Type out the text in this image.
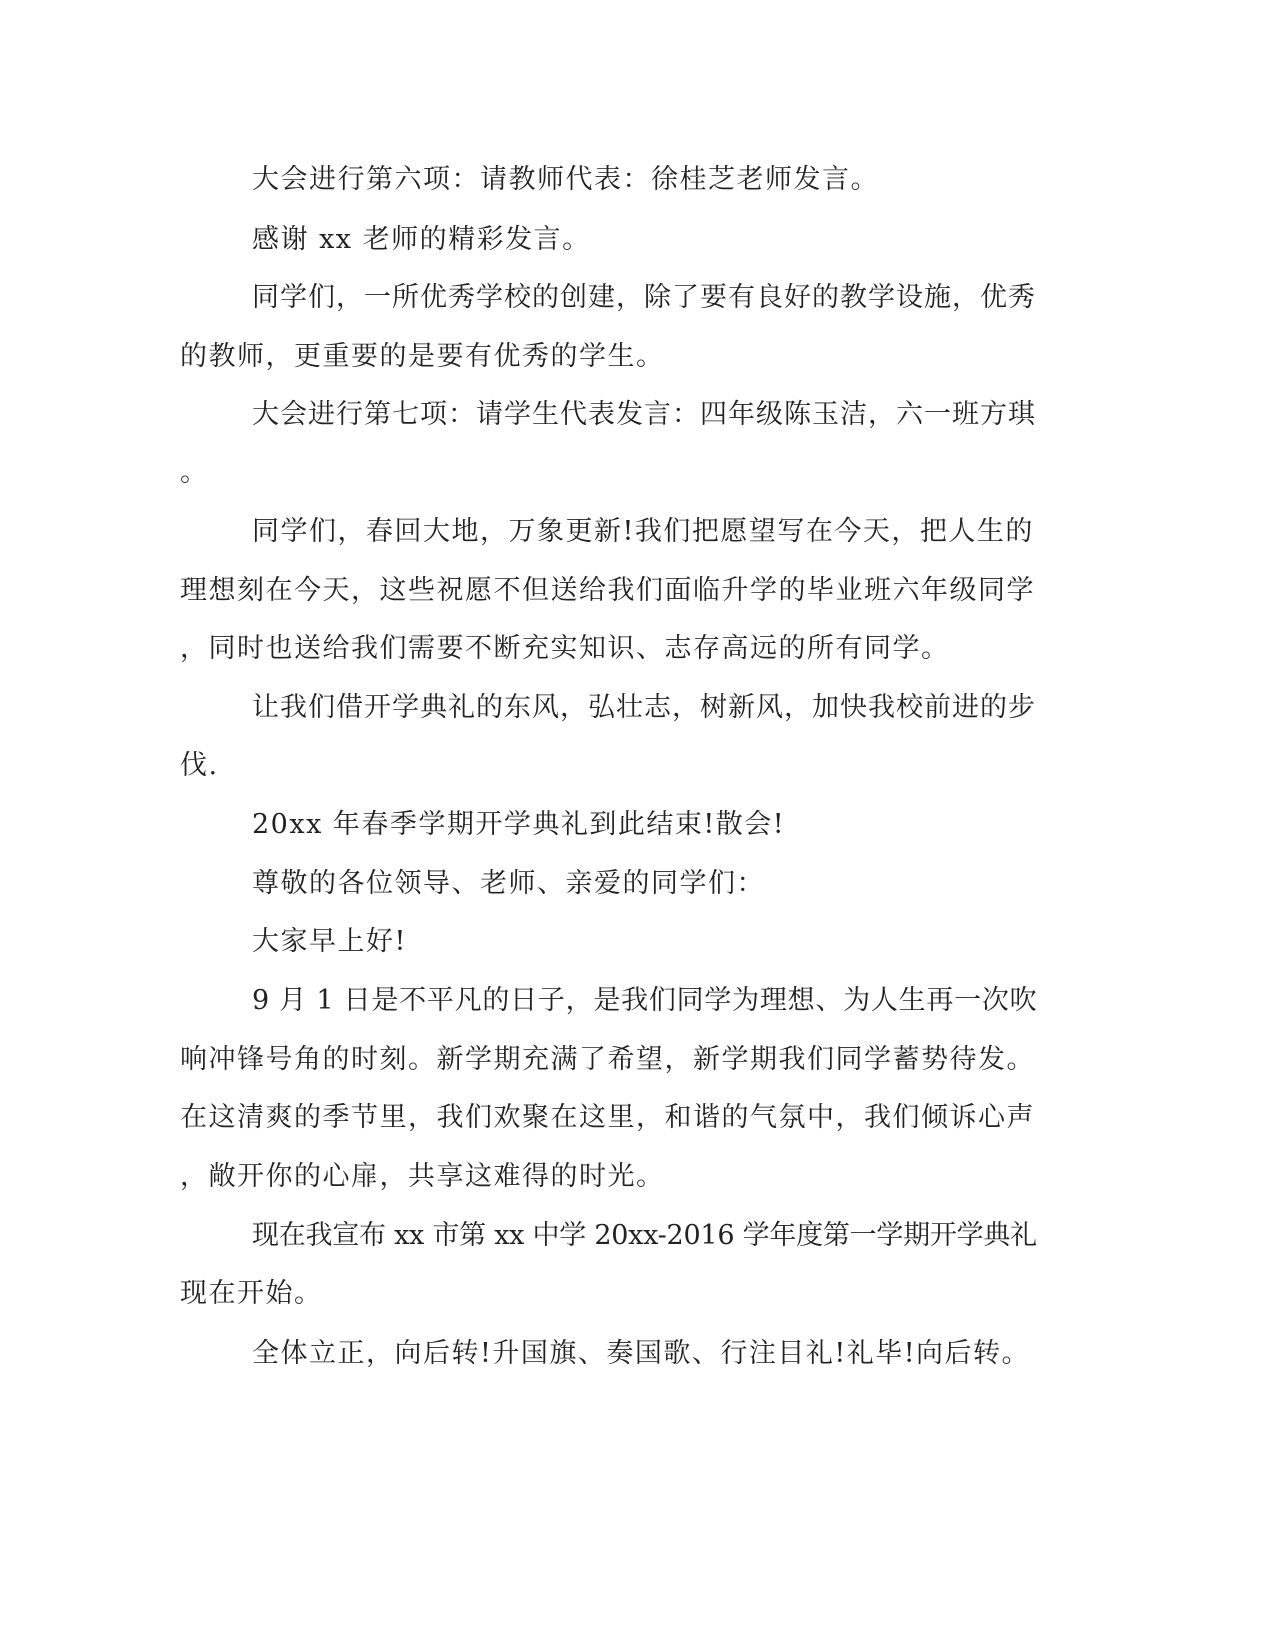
大会进行第六项：请教师代表：徐桂芝老师发言。
感谢 xx 老师的精彩发言。
同学们，一所优秀学校的创建，除了要有良好的教学设施，优秀
的教师，更重要的是要有优秀的学生。
大会进行第七项：请学生代表发言：四年级陈玉洁，六一班方琪
。
同学们，春回大地，万象更新!我们把愿望写在今天，把人生的
理想刻在今天，这些祝愿不但送给我们面临升学的毕业班六年级同学
，同时也送给我们需要不断充实知识、志存高远的所有同学。
让我们借开学典礼的东风，弘壮志，树新风，加快我校前进的步
伐.
20xx 年春季学期开学典礼到此结束!散会!
尊敬的各位领导、老师、亲爱的同学们：
大家早上好!
9 月 1 日是不平凡的日子，是我们同学为理想、为人生再一次吹
响冲锋号角的时刻。新学期充满了希望，新学期我们同学蓄势待发。
在这清爽的季节里，我们欢聚在这里，和谐的气氛中，我们倾诉心声
，敞开你的心扉，共享这难得的时光。
现在我宣布 xx 市第 xx 中学 20xx-2016 学年度第一学期开学典礼
现在开始。
全体立正，向后转!升国旗、奏国歌、行注目礼!礼毕!向后转。
